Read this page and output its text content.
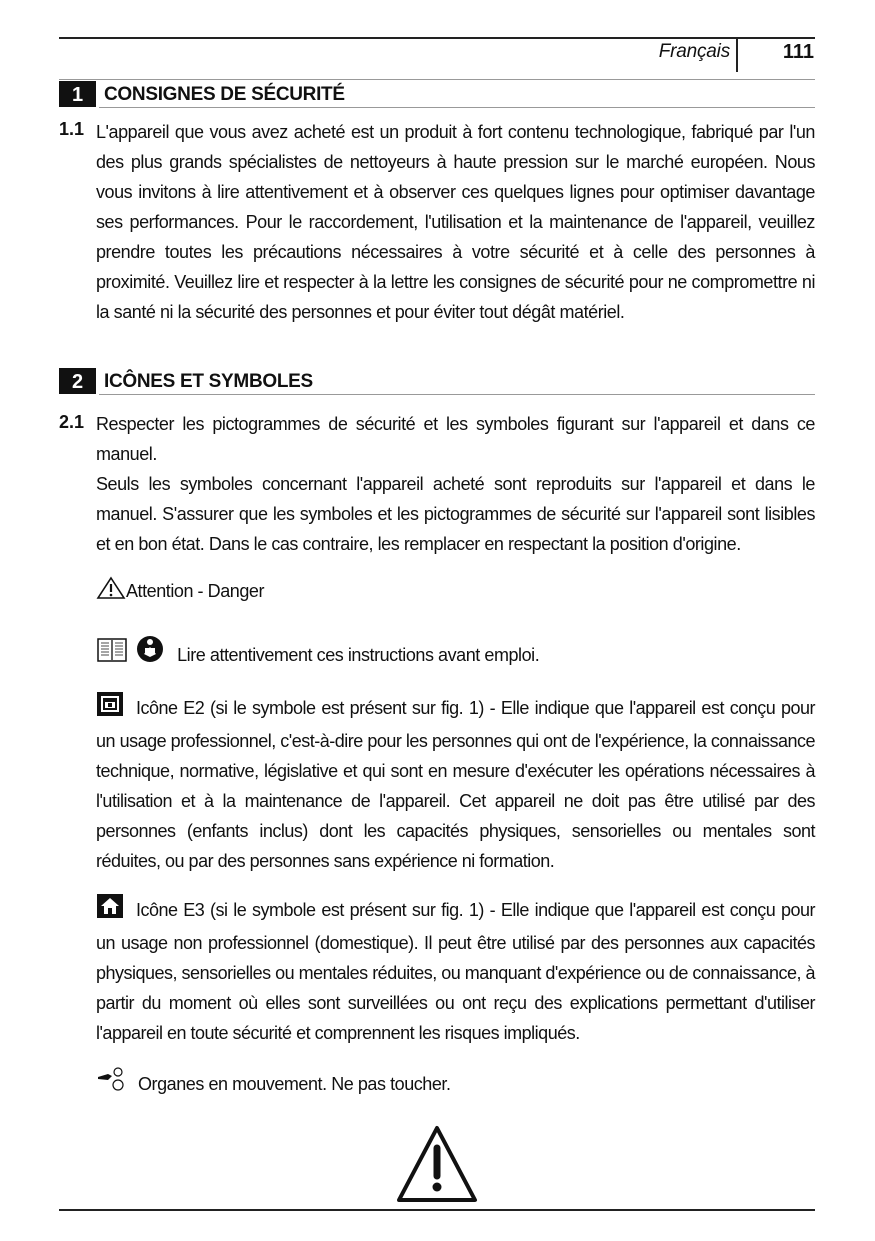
Français	111
1	CONSIGNES DE SÉCURITÉ
1.1 L'appareil que vous avez acheté est un produit à fort contenu technologique, fabriqué par l'un des plus grands spécialistes de nettoyeurs à haute pression sur le marché européen. Nous vous invitons à lire attentivement et à observer ces quelques lignes pour optimiser davantage ses performances. Pour le raccordement, l'utilisation et la maintenance de l'appareil, veuillez prendre toutes les précautions nécessaires à votre sécurité et à celle des personnes à proximité. Veuillez lire et respecter à la lettre les consignes de sécurité pour ne compromettre ni la santé ni la sécurité des personnes et pour éviter tout dégât matériel.

2	ICÔNES ET SYMBOLES
2.1 Respecter les pictogrammes de sécurité et les symboles figurant sur l'appareil et dans ce manuel.

Seuls les symboles concernant l'appareil acheté sont reproduits sur l'appareil et dans le manuel. S'assurer que les symboles et les pictogrammes de sécurité sur l'appareil sont lisibles et en bon état. Dans le cas contraire, les remplacer en respectant la position d'origine.

Attention - Danger
Lire attentivement ces instructions avant emploi.
Icône E2 (si le symbole est présent sur fig. 1) - Elle indique que l'appareil est conçu pour un usage professionnel, c'est-à-dire pour les personnes qui ont de l'expérience, la connaissance technique, normative, législative et qui sont en mesure d'exécuter les opérations nécessaires à l'utilisation et à la maintenance de l'appareil. Cet appareil ne doit pas être utilisé par des personnes (enfants inclus) dont les capacités physiques, sensorielles ou mentales sont réduites, ou par des personnes sans expérience ni formation.
Icône E3 (si le symbole est présent sur fig. 1) - Elle indique que l'appareil est conçu pour un usage non professionnel (domestique). Il peut être utilisé par des personnes aux capacités physiques, sensorielles ou mentales réduites, ou manquant d'expérience ou de connaissance, à partir du moment où elles sont surveillées ou ont reçu des explications permettant d'utiliser l'appareil en toute sécurité et comprennent les risques impliqués.
Organes en mouvement. Ne pas toucher.
